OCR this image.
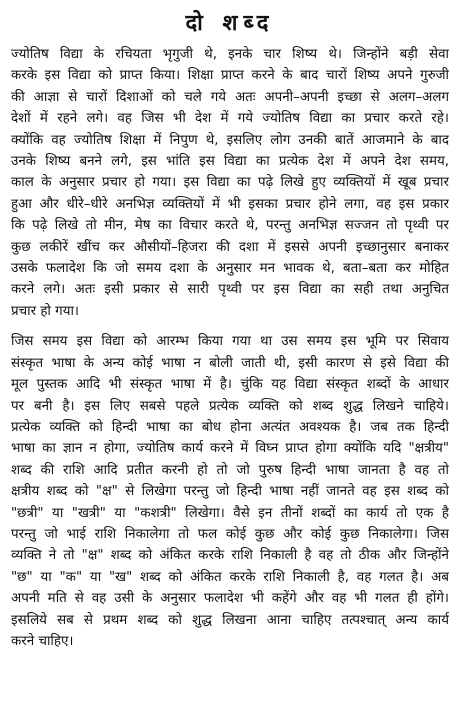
दो शब्द
ज्योतिष विद्या के रचियता भृगुजी थे, इनके चार शिष्य थे। जिन्होंने बड़ी सेवा
करके इस विद्या को प्राप्त किया। शिक्षा प्राप्त करने के बाद चारों शिष्य अपने गुरुजी
की आज्ञा से चारों दिशाओं को चले गये अतः अपनी–अपनी इच्छा से अलग–अलग
देशों में रहने लगे। वह जिस भी देश में गये ज्योतिष विद्या का प्रचार करते रहे।
क्योंकि वह ज्योतिष शिक्षा में निपुण थे, इसलिए लोग उनकी बातें आजमाने के बाद
उनके शिष्य बनने लगे, इस भांति इस विद्या का प्रत्येक देश में अपने देश समय,
काल के अनुसार प्रचार हो गया। इस विद्या का पढ़े लिखे हुए व्यक्तियों में खूब प्रचार
हुआ और धीरे–धीरे अनभिज्ञ व्यक्तियों में भी इसका प्रचार होने लगा, वह इस प्रकार
कि पढ़े लिखे तो मीन, मेष का विचार करते थे, परन्तु अनभिज्ञ सज्जन तो पृथ्वी पर
कुछ लकीरें खींच कर औसीयों–हिजरा की दशा में इससे अपनी इच्छानुसार बनाकर
उसके फलादेश कि जो समय दशा के अनुसार मन भावक थे, बता–बता कर मोहित
करने लगे। अतः इसी प्रकार से सारी पृथ्वी पर इस विद्या का सही तथा अनुचित
प्रचार हो गया।
जिस समय इस विद्या को आरम्भ किया गया था उस समय इस भूमि पर सिवाय
संस्कृत भाषा के अन्य कोई भाषा न बोली जाती थी, इसी कारण से इसे विद्या की
मूल पुस्तक आदि भी संस्कृत भाषा में है। चुंकि यह विद्या संस्कृत शब्दों के आधार
पर बनी है। इस लिए सबसे पहले प्रत्येक व्यक्ति को शब्द शुद्ध लिखने चाहिये।
प्रत्येक व्यक्ति को हिन्दी भाषा का बोध होना अत्यंत अवश्यक है। जब तक हिन्दी
भाषा का ज्ञान न होगा, ज्योतिष कार्य करने में विघ्न प्राप्त होगा क्योंकि यदि "क्षत्रीय"
शब्द की राशि आदि प्रतीत करनी हो तो जो पुरुष हिन्दी भाषा जानता है वह तो
क्षत्रीय शब्द को "क्ष" से लिखेगा परन्तु जो हिन्दी भाषा नहीं जानते वह इस शब्द को
"छत्री" या "खत्री" या "कशत्री" लिखेगा। वैसे इन तीनों शब्दों का कार्य तो एक है
परन्तु जो भाई राशि निकालेगा तो फल कोई कुछ और कोई कुछ निकालेगा। जिस
व्यक्ति ने तो "क्ष" शब्द को अंकित करके राशि निकाली है वह तो ठीक और जिन्होंने
"छ" या "क" या "ख" शब्द को अंकित करके राशि निकाली है, वह गलत है। अब
अपनी मति से वह उसी के अनुसार फलादेश भी कहेंगे और वह भी गलत ही होंगे।
इसलिये सब से प्रथम शब्द को शुद्ध लिखना आना चाहिए तत्पश्चात् अन्य कार्य
करने चाहिए।
